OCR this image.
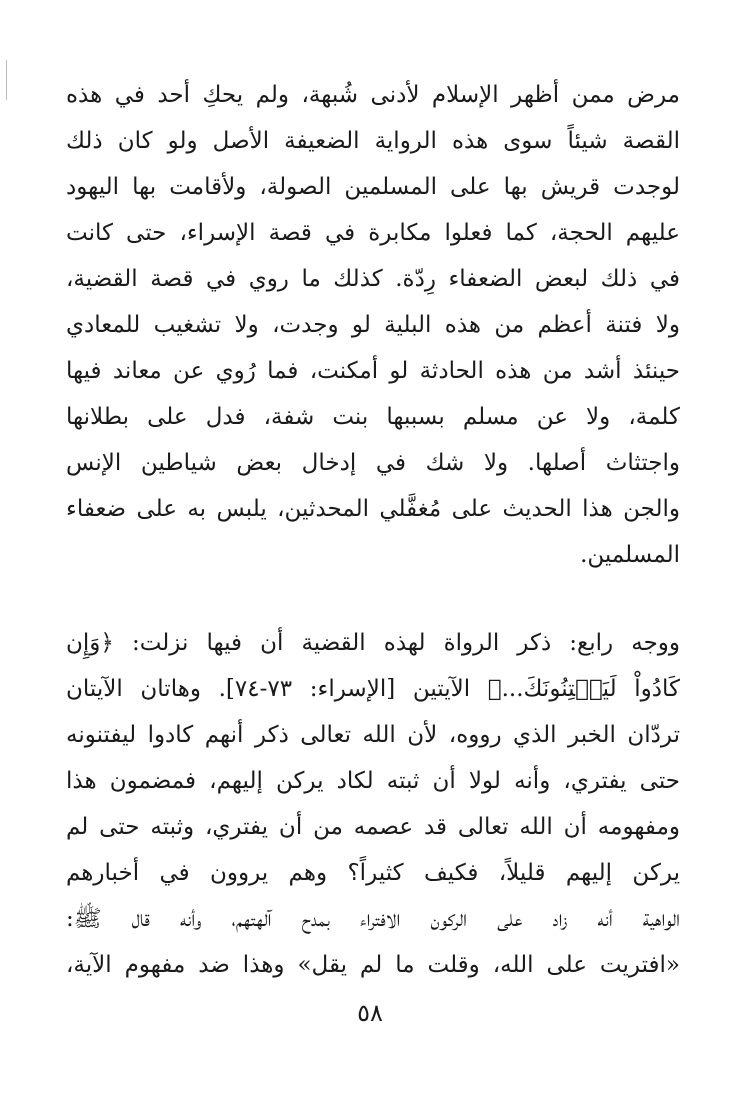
مرض ممن أظهر الإسلام لأدنى شُبهة، ولم يحكِ أحد في هذه
القصة شيئاً سوى هذه الرواية الضعيفة الأصل ولو كان ذلك
لوجدت قريش بها على المسلمين الصولة، ولأقامت بها اليهود
عليهم الحجة، كما فعلوا مكابرة في قصة الإسراء، حتى كانت
في ذلك لبعض الضعفاء رِدّة. كذلك ما روي في قصة القضية،
ولا فتنة أعظم من هذه البلية لو وجدت، ولا تشغيب للمعادي
حينئذ أشد من هذه الحادثة لو أمكنت، فما رُوي عن معاند فيها
كلمة، ولا عن مسلم بسببها بنت شفة، فدل على بطلانها
واجتثاث أصلها. ولا شك في إدخال بعض شياطين الإنس
والجن هذا الحديث على مُغفَّلي المحدثين، يلبس به على ضعفاء
المسلمين.
ووجه رابع: ذكر الرواة لهذه القضية أن فيها نزلت: ﴿وَإِن
كَادُواْ لَيَفۡتِنُونَكَ...﴾ الآيتين [الإسراء: ٧٣-٧٤]. وهاتان الآيتان
تردّان الخبر الذي رووه، لأن الله تعالى ذكر أنهم كادوا ليفتنونه
حتى يفتري، وأنه لولا أن ثبته لكاد يركن إليهم، فمضمون هذا
ومفهومه أن الله تعالى قد عصمه من أن يفتري، وثبته حتى لم
يركن إليهم قليلاً، فكيف كثيراً؟ وهم يروون في أخبارهم
الواهية أنه زاد على الركون الافتراء بمدح آلهتهم، وأنه قال ﷺ:
«افتريت على الله، وقلت ما لم يقل» وهذا ضد مفهوم الآية،
٥٨
